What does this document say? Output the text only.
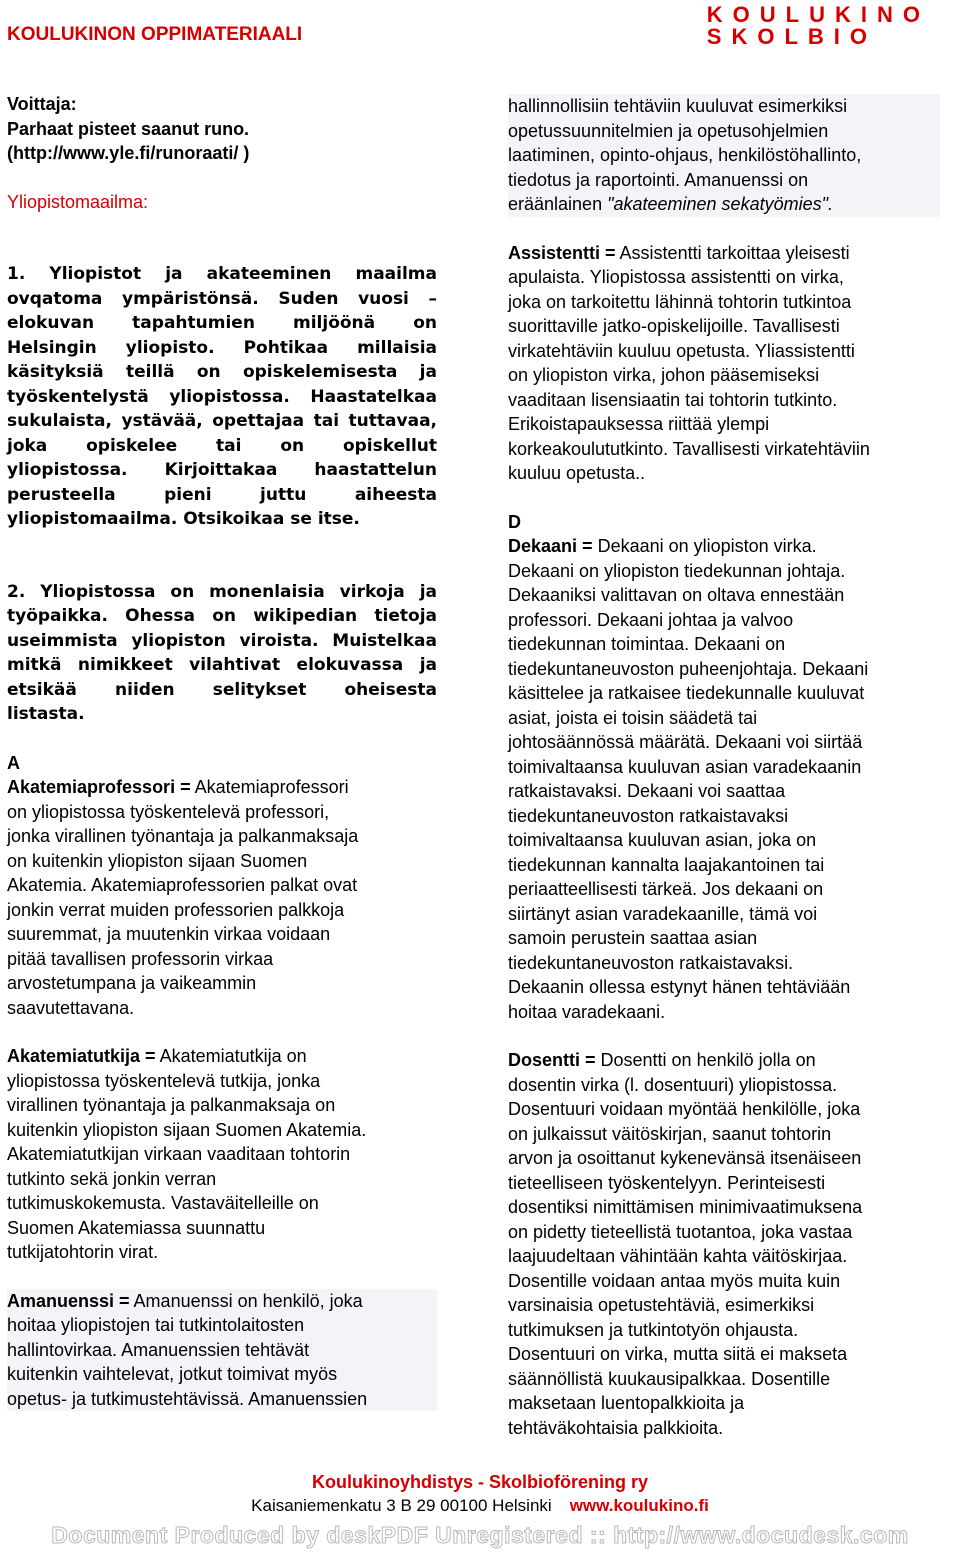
KOULUKINON OPPIMATERIAALI
KOULUKINO
SKOLBIO

Voittaja:

Parhaat pisteet saanut runo.

(http://www.yle.fi/runoraati/ )

Yliopistomaailma:

1. Yliopistot ja akateeminen maailma
ovqatoma ympäristönsä. Suden vuosi –
elokuvan tapahtumien miljöönä on
Helsingin yliopisto. Pohtikaa millaisia
käsityksiä teillä on opiskelemisesta ja
työskentelystä yliopistossa. Haastatelkaa
sukulaista, ystävää, opettajaa tai tuttavaa,
joka opiskelee tai on opiskellut
yliopistossa. Kirjoittakaa haastattelun
perusteella pieni juttu aiheesta
yliopistomaailma. Otsikoikaa se itse.
2. Yliopistossa on monenlaisia virkoja ja
työpaikka. Ohessa on wikipedian tietoja
useimmista yliopiston viroista. Muistelkaa
mitkä nimikkeet vilahtivat elokuvassa ja
etsikää niiden selitykset oheisesta
listasta.

A

Akatemiaprofessori = Akatemiaprofessori
on yliopistossa työskentelevä professori,
jonka virallinen työnantaja ja palkanmaksaja
on kuitenkin yliopiston sijaan Suomen
Akatemia. Akatemiaprofessorien palkat ovat
jonkin verrat muiden professorien palkkoja
suuremmat, ja muutenkin virkaa voidaan
pitää tavallisen professorin virkaa
arvostetumpana ja vaikeammin
saavutettavana.
Akatemiatutkija = Akatemiatutkija on
yliopistossa työskentelevä tutkija, jonka
virallinen työnantaja ja palkanmaksaja on
kuitenkin yliopiston sijaan Suomen Akatemia.
Akatemiatutkijan virkaan vaaditaan tohtorin
tutkinto sekä jonkin verran
tutkimuskokemusta. Vastaväitelleille on
Suomen Akatemiassa suunnattu
tutkijatohtorin virat.
Amanuenssi = Amanuenssi on henkilö, joka
hoitaa yliopistojen tai tutkintolaitosten
hallintovirkaa. Amanuenssien tehtävät
kuitenkin vaihtelevat, jotkut toimivat myös
opetus- ja tutkimustehtävissä. Amanuenssien
hallinnollisiin tehtäviin kuuluvat esimerkiksi
opetussuunnitelmien ja opetusohjelmien
laatiminen, opinto-ohjaus, henkilöstöhallinto,
tiedotus ja raportointi. Amanuenssi on
eräänlainen "akateeminen sekatyömies".
Assistentti = Assistentti tarkoittaa yleisesti
apulaista. Yliopistossa assistentti on virka,
joka on tarkoitettu lähinnä tohtorin tutkintoa
suorittaville jatko-opiskelijoille. Tavallisesti
virkatehtäviin kuuluu opetusta. Yliassistentti
on yliopiston virka, johon pääsemiseksi
vaaditaan lisensiaatin tai tohtorin tutkinto.
Erikoistapauksessa riittää ylempi
korkeakoulututkinto. Tavallisesti virkatehtäviin
kuuluu opetusta..

D

Dekaani = Dekaani on yliopiston virka.
Dekaani on yliopiston tiedekunnan johtaja.
Dekaaniksi valittavan on oltava ennestään
professori. Dekaani johtaa ja valvoo
tiedekunnan toimintaa. Dekaani on
tiedekuntaneuvoston puheenjohtaja. Dekaani
käsittelee ja ratkaisee tiedekunnalle kuuluvat
asiat, joista ei toisin säädetä tai
johtosäännössä määrätä. Dekaani voi siirtää
toimivaltaansa kuuluvan asian varadekaanin
ratkaistavaksi. Dekaani voi saattaa
tiedekuntaneuvoston ratkaistavaksi
toimivaltaansa kuuluvan asian, joka on
tiedekunnan kannalta laajakantoinen tai
periaatteellisesti tärkeä. Jos dekaani on
siirtänyt asian varadekaanille, tämä voi
samoin perustein saattaa asian
tiedekuntaneuvoston ratkaistavaksi.
Dekaanin ollessa estynyt hänen tehtäviään
hoitaa varadekaani.
Dosentti = Dosentti on henkilö jolla on
dosentin virka (l. dosentuuri) yliopistossa.
Dosentuuri voidaan myöntää henkilölle, joka
on julkaissut väitöskirjan, saanut tohtorin
arvon ja osoittanut kykenevänsä itsenäiseen
tieteelliseen työskentelyyn. Perinteisesti
dosentiksi nimittämisen minimivaatimuksena
on pidetty tieteellistä tuotantoa, joka vastaa
laajuudeltaan vähintään kahta väitöskirjaa.
Dosentille voidaan antaa myös muita kuin
varsinaisia opetustehtäviä, esimerkiksi
tutkimuksen ja tutkintotyön ohjausta.
Dosentuuri on virka, mutta siitä ei makseta
säännöllistä kuukausipalkkaa. Dosentille
maksetaan luentopalkkioita ja
tehtäväkohtaisia palkkioita.
Koulukinoyhdistys - Skolbioförening ry
Kaisaniemenkatu 3 B 29 00100 Helsinki www.koulukino.fi
Document Produced by deskPDF Unregistered :: http://www.docudesk.com
